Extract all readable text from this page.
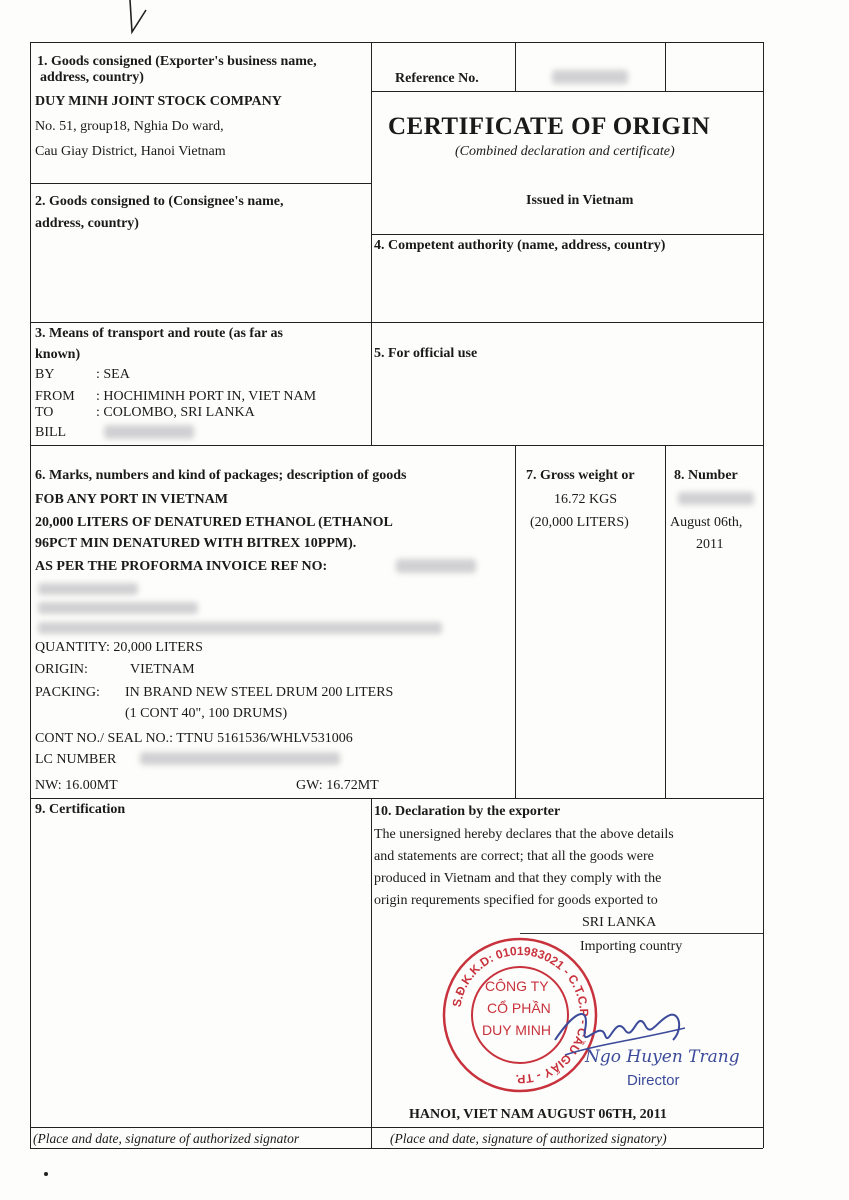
1. Goods consigned (Exporter's business name,
address, country)
DUY MINH JOINT STOCK COMPANY
No. 51, group18, Nghia Do ward,
Cau Giay District, Hanoi Vietnam
Reference No.
CERTIFICATE OF ORIGIN
(Combined declaration and certificate)
Issued in Vietnam
2. Goods consigned to (Consignee's name,
address, country)
4. Competent authority (name, address, country)
3. Means of transport and route (as far as
known)
BY	: SEA
FROM : HOCHIMINH PORT IN, VIET NAM
TO	: COLOMBO, SRI LANKA
BILL
5. For official use
6. Marks, numbers and kind of packages; description of goods
FOB ANY PORT IN VIETNAM
20,000 LITERS OF DENATURED ETHANOL (ETHANOL
96PCT MIN DENATURED WITH BITREX 10PPM).
AS PER THE PROFORMA INVOICE REF NO:
QUANTITY: 20,000 LITERS
ORIGIN:	VIETNAM
PACKING: IN BRAND NEW STEEL DRUM 200 LITERS
(1 CONT 40", 100 DRUMS)
CONT NO./ SEAL NO.: TTNU 5161536/WHLV531006
LC NUMBER
NW: 16.00MT	GW: 16.72MT
7. Gross weight or
16.72 KGS
(20,000 LITERS)
8. Number
August 06th,
2011
9. Certification
(Place and date, signature of authorized signator
10. Declaration by the exporter
The unersigned hereby declares that the above details
and statements are correct; that all the goods were
produced in Vietnam and that they comply with the
origin requrements specified for goods exported to
SRI LANKA
Importing country
HANOI, VIET NAM AUGUST 06TH, 2011
(Place and date, signature of authorized signatory)
S.Đ.K.K.D: 0101983021 - C.T.C.P - CẦU GIẤY - TP.
CÔNG TY
CỔ PHẦN
DUY MINH
Ngo Huyen Trang
Director
